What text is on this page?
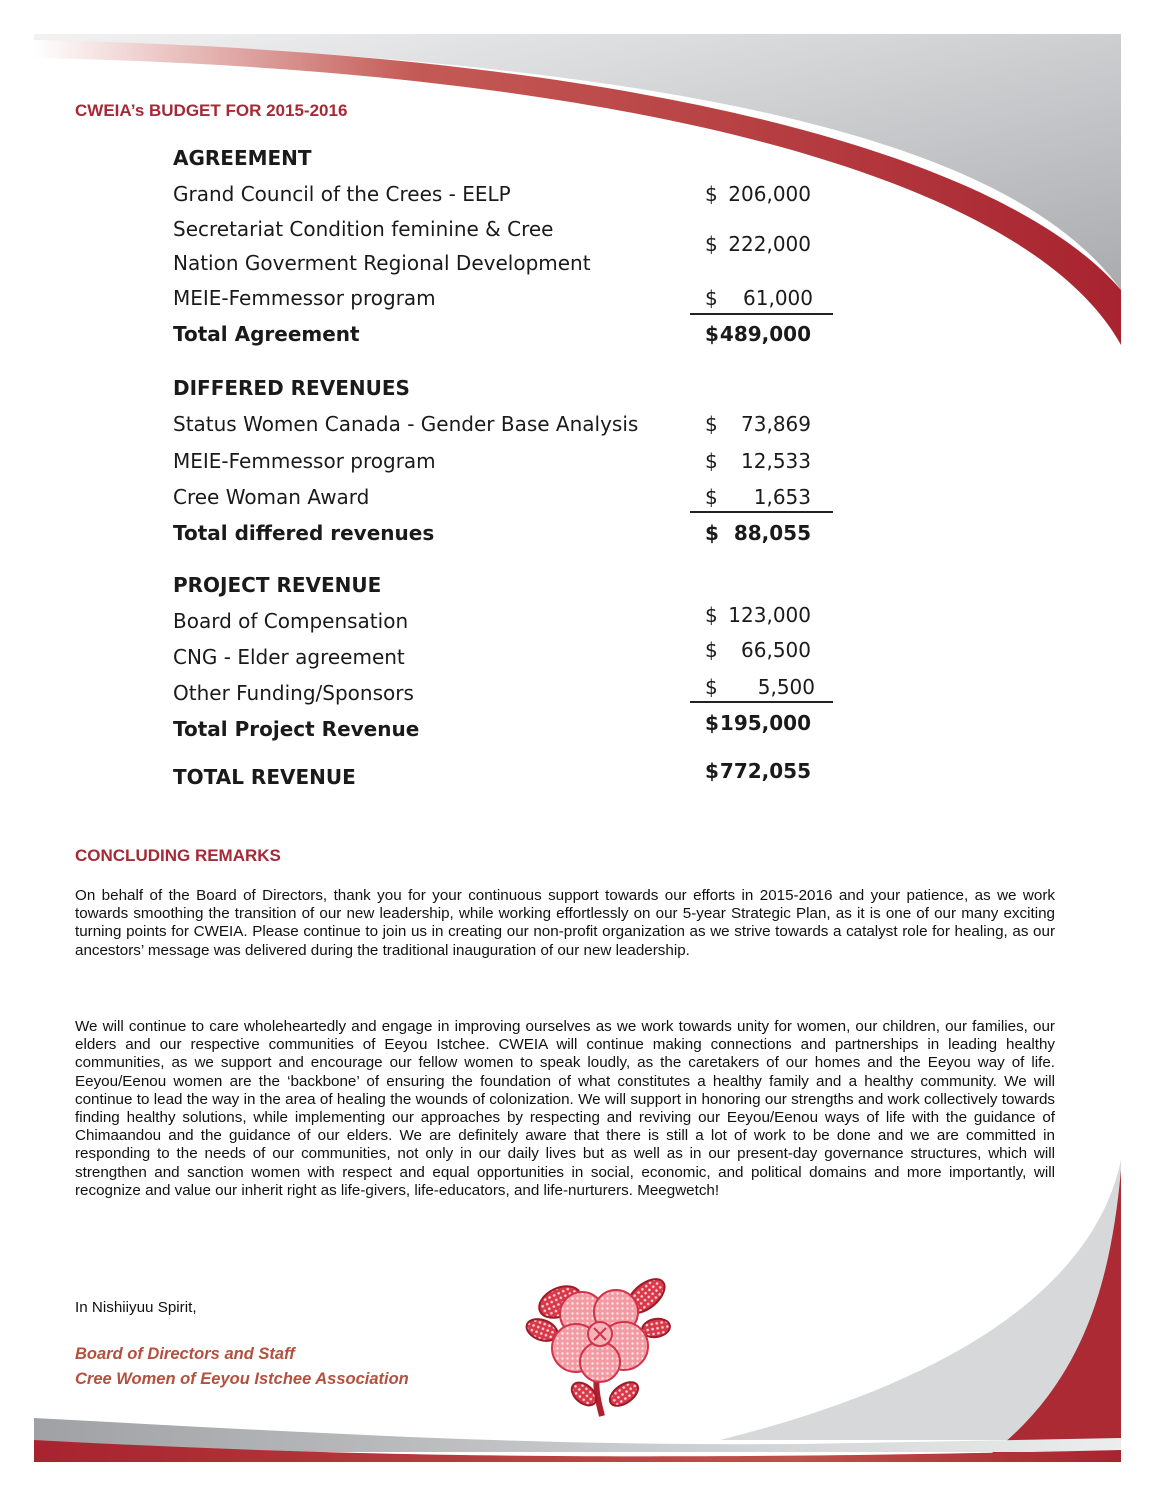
CWEIA’s BUDGET FOR 2015-2016
AGREEMENT
Grand Council of the Crees - EELP	$ 206,000
Secretariat Condition feminine & Cree
Nation Goverment Regional Development
$ 222,000
MEIE-Femmessor program	$ 61,000
Total Agreement	$ 489,000
DIFFERED REVENUES
Status Women Canada - Gender Base Analysis	$ 73,869
MEIE-Femmessor program	$ 12,533
Cree Woman Award	$ 1,653
Total differed revenues	$ 88,055
PROJECT REVENUE
Board of Compensation	$ 123,000
CNG - Elder agreement	$ 66,500
Other Funding/Sponsors	$ 5,500
Total Project Revenue	$ 195,000
TOTAL REVENUE	$ 772,055
CONCLUDING REMARKS

On behalf of the Board of Directors, thank you for your continuous support towards our efforts in 2015-2016 and your patience, as we work towards smoothing the transition of our new leadership, while working effortlessly on our 5-year Strategic Plan, as it is one of our many exciting turning points for CWEIA. Please continue to join us in creating our non-profit organization as we strive towards a catalyst role for healing, as our ancestors’ message was delivered during the traditional inauguration of our new leadership.

We will continue to care wholeheartedly and engage in improving ourselves as we work towards unity for women, our children, our families, our elders and our respective communities of Eeyou Istchee. CWEIA will continue making connections and partnerships in leading healthy communities, as we support and encourage our fellow women to speak loudly, as the caretakers of our homes and the Eeyou way of life. Eeyou/Eenou women are the ‘backbone’ of ensuring the foundation of what constitutes a healthy family and a healthy community. We will continue to lead the way in the area of healing the wounds of colonization. We will support in honoring our strengths and work collectively towards finding healthy solutions, while implementing our approaches by respecting and reviving our Eeyou/Eenou ways of life with the guidance of Chimaandou and the guidance of our elders. We are definitely aware that there is still a lot of work to be done and we are committed in responding to the needs of our communities, not only in our daily lives but as well as in our present-day governance structures, which will strengthen and sanction women with respect and equal opportunities in social, economic, and political domains and more importantly, will recognize and value our inherit right as life-givers, life-educators, and life-nurturers. Meegwetch!

In Nishiiyuu Spirit,

Board of Directors and Staff

Cree Women of Eeyou Istchee Association
